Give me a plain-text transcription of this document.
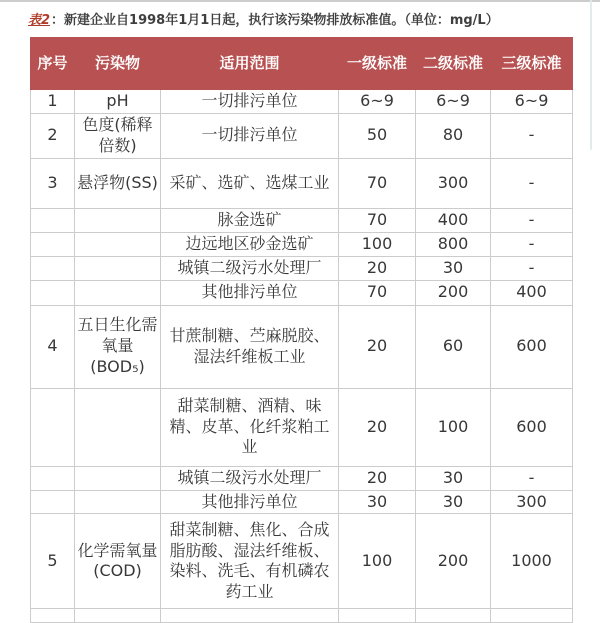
表2：新建企业自1998年1月1日起，执行该污染物排放标准值。（单位：mg/L）
序号	污染物	适用范围	一级标准	二级标准	三级标准
1	pH	一切排污单位	6~9	6~9	6~9
2	色度(稀释倍数)	一切排污单位	50	80	-
3	悬浮物(SS)	采矿、选矿、选煤工业	70	300	-
		脉金选矿	70	400	-
		边远地区砂金选矿	100	800	-
		城镇二级污水处理厂	20	30	-
		其他排污单位	70	200	400
4	五日生化需氧量(BOD₅)	甘蔗制糖、苎麻脱胶、湿法纤维板工业	20	60	600
		甜菜制糖、酒精、味精、皮革、化纤浆粕工业	20	100	600
		城镇二级污水处理厂	20	30	-
		其他排污单位	30	30	300
5	化学需氧量(COD)	甜菜制糖、焦化、合成脂肪酸、湿法纤维板、染料、洗毛、有机磷农药工业	100	200	1000
